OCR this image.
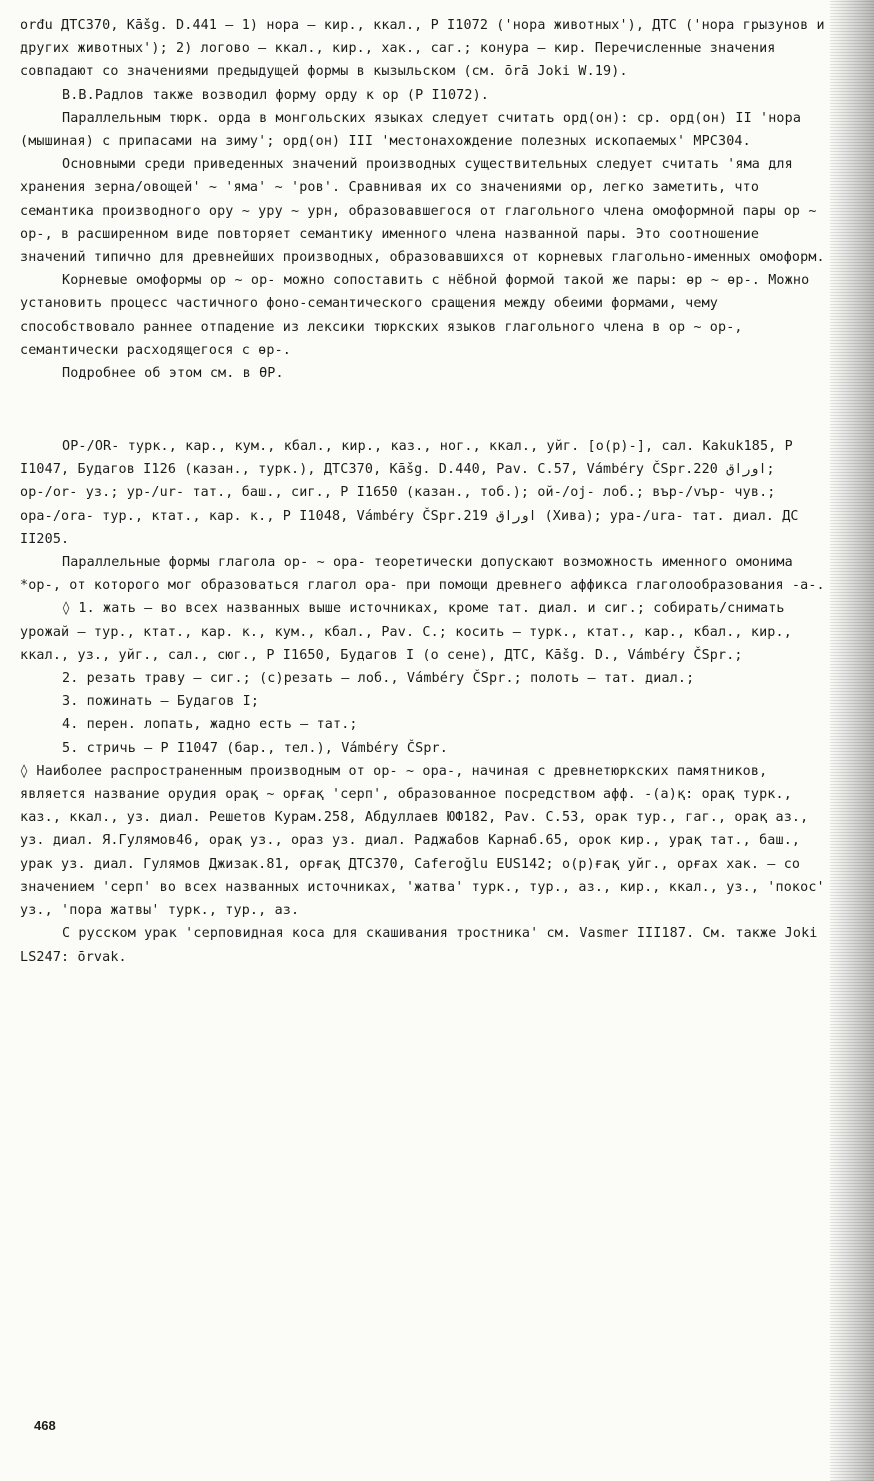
orđu ДТС370, Kāšg. D.441 – 1) нора – кир., ккал., Р I1072 ('нора животных'), ДТС ('нора грызунов и других животных'); 2) логово – ккал., кир., хак., саг.; конура – кир. Перечисленные значения совпадают со значениями предыдущей формы в кызыльском (см. ōrā Joki W.19).

В.В.Радлов также возводил форму орду к ор (Р I1072).

Параллельным тюрк. орда в монгольских языках следует считать орд(он): ср. орд(он) II 'нора (мышиная) с припасами на зиму'; орд(он) III 'местонахождение полезных ископаемых' МРС304.

Основными среди приведенных значений производных существительных следует считать 'яма для хранения зерна/овощей' ~ 'яма' ~ 'ров'. Сравнивая их со значениями ор, легко заметить, что семантика производного ору ~ уру ~ урн, образовавшегося от глагольного члена омоформной пары ор ~ ор-, в расширенном виде повторяет семантику именного члена названной пары. Это соотношение значений типично для древнейших производных, образовавшихся от корневых глагольно-именных омоформ.

Корневые омоформы ор ~ ор- можно сопоставить с нёбной формой такой же пары: өр ~ өр-. Можно установить процесс частичного фоно-семантического сращения между обеими формами, чему способствовало раннее отпадение из лексики тюркских языков глагольного члена в ор ~ ор-, семантически расходящегося с өр-.

Подробнее об этом см. в ӨР.

ОР-/ОR- турк., кар., кум., кбал., кир., каз., ног., ккал., уйг. [о(р)-], сал. Kakuk185, Р I1047, Будагов I126 (казан., турк.), ДТС370, Kāšg. D.440, Pav. C.57, Vámbéry ČSpr.220 اوراق; ор-/or- уз.; ур-/ur- тат., баш., сиг., Р I1650 (казан., тоб.); ой-/oj- лоб.; вър-/vър- чув.; ора-/ora- тур., ктат., кар. к., Р I1048, Vámbéry ČSpr.219 اوراق (Хива); ура-/ura- тат. диал. ДС II205.

Параллельные формы глагола ор- ~ ора- теоретически допускают возможность именного омонима *ор-, от которого мог образоваться глагол ора- при помощи древнего аффикса глаголообразования -а-.

◊ 1. жать – во всех названных выше источниках, кроме тат. диал. и сиг.; собирать/снимать урожай – тур., ктат., кар. к., кум., кбал., Pav. C.; косить – турк., ктат., кар., кбал., кир., ккал., уз., уйг., сал., сюг., Р I1650, Будагов I (о сене), ДТС, Kāšg. D., Vámbéry ČSpr.;

2. резать траву – сиг.; (с)резать – лоб., Vámbéry ČSpr.; полоть – тат. диал.;

3. пожинать – Будагов I;

4. перен. лопать, жадно есть – тат.;

5. стричь – Р I1047 (бар., тел.), Vámbéry ČSpr.

◊ Наиболее распространенным производным от ор- ~ ора-, начиная с древнетюркских памятников, является название орудия орақ ~ орғақ 'серп', образованное посредством афф. -(а)қ: орақ турк., каз., ккал., уз. диал. Решетов Курам.258, Абдуллаев ЮФ182, Pav. C.53, орак тур., гаг., орақ аз., уз. диал. Я.Гулямов46, орақ уз., ораз уз. диал. Раджабов Карнаб.65, орок кир., урақ тат., баш., урак уз. диал. Гулямов Джизак.81, орғақ ДТС370, Caferoğlu EUS142; о(р)ғақ уйг., орғах хак. – со значением 'серп' во всех названных источниках, 'жатва' турк., тур., аз., кир., ккал., уз., 'покос' уз., 'пора жатвы' турк., тур., аз.

С русском урак 'серповидная коса для скашивания тростника' см. Vasmer III187. См. также Joki LS247: ōrvak.

468
